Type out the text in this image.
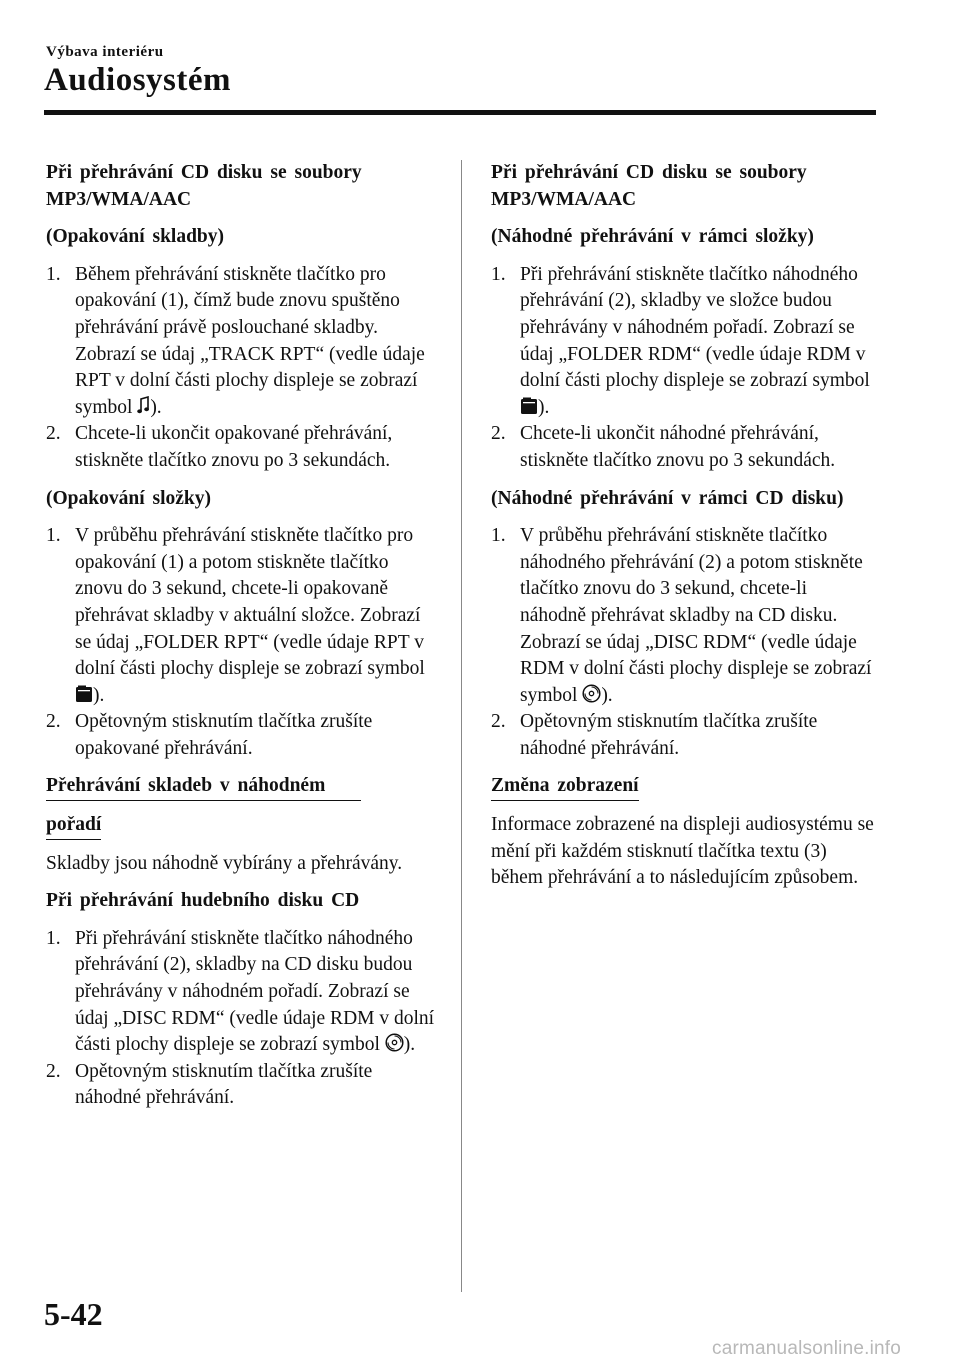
Výbava interiéru
Audiosystém
Při přehrávání CD disku se soubory MP3/WMA/AAC
(Opakování skladby)
1. Během přehrávání stiskněte tlačítko pro opakování (1), čímž bude znovu spuštěno přehrávání právě poslouchané skladby. Zobrazí se údaj „TRACK RPT“ (vedle údaje RPT v dolní části plochy displeje se zobrazí symbol ).
2. Chcete-li ukončit opakované přehrávání, stiskněte tlačítko znovu po 3 sekundách.
(Opakování složky)
1. V průběhu přehrávání stiskněte tlačítko pro opakování (1) a potom stiskněte tlačítko znovu do 3 sekund, chcete-li opakovaně přehrávat skladby v aktuální složce. Zobrazí se údaj „FOLDER RPT“ (vedle údaje RPT v dolní části plochy displeje se zobrazí symbol ).
2. Opětovným stisknutím tlačítka zrušíte opakované přehrávání.
Přehrávání skladeb v náhodném
pořadí
Skladby jsou náhodně vybírány a přehrávány.
Při přehrávání hudebního disku CD
1. Při přehrávání stiskněte tlačítko náhodného přehrávání (2), skladby na CD disku budou přehrávány v náhodném pořadí. Zobrazí se údaj „DISC RDM“ (vedle údaje RDM v dolní části plochy displeje se zobrazí symbol ).
2. Opětovným stisknutím tlačítka zrušíte náhodné přehrávání.
Při přehrávání CD disku se soubory MP3/WMA/AAC
(Náhodné přehrávání v rámci složky)
1. Při přehrávání stiskněte tlačítko náhodného přehrávání (2), skladby ve složce budou přehrávány v náhodném pořadí. Zobrazí se údaj „FOLDER RDM“ (vedle údaje RDM v dolní části plochy displeje se zobrazí symbol ).
2. Chcete-li ukončit náhodné přehrávání, stiskněte tlačítko znovu po 3 sekundách.
(Náhodné přehrávání v rámci CD disku)
1. V průběhu přehrávání stiskněte tlačítko náhodného přehrávání (2) a potom stiskněte tlačítko znovu do 3 sekund, chcete-li náhodně přehrávat skladby na CD disku. Zobrazí se údaj „DISC RDM“ (vedle údaje RDM v dolní části plochy displeje se zobrazí symbol ).
2. Opětovným stisknutím tlačítka zrušíte náhodné přehrávání.
Změna zobrazení
Informace zobrazené na displeji audiosystému se mění při každém stisknutí tlačítka textu (3) během přehrávání a to následujícím způsobem.
5-42
carmanualsonline.info
